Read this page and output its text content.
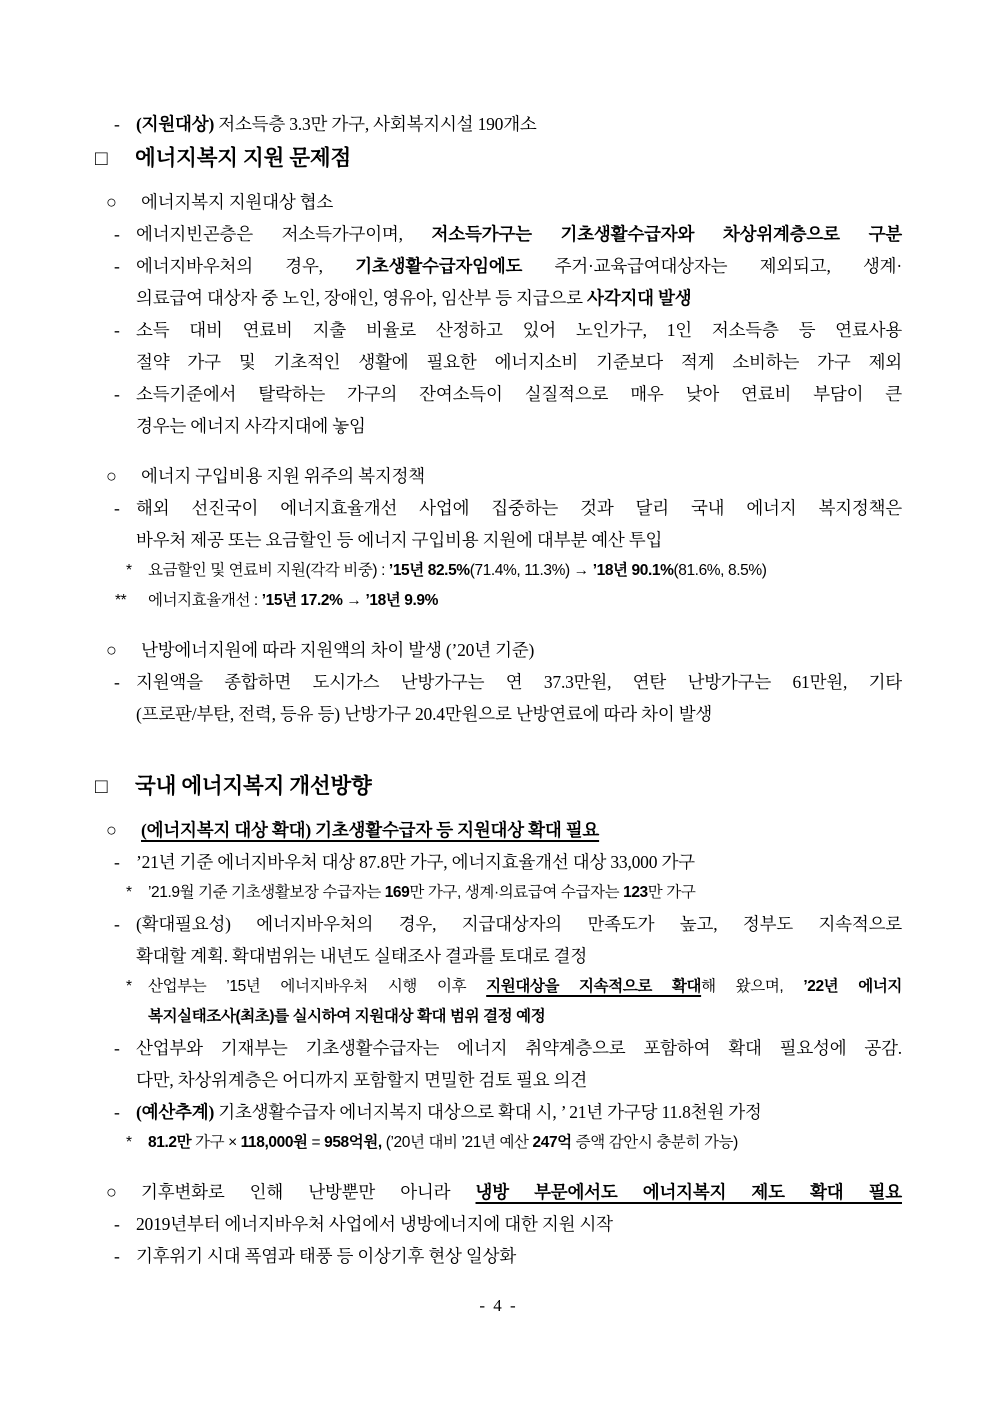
- (지원대상) 저소득층 3.3만 가구, 사회복지시설 190개소
□ 에너지복지 지원 문제점
○ 에너지복지 지원대상 협소
- 에너지빈곤층은 저소득가구이며, 저소득가구는 기초생활수급자와 차상위계층으로 구분
- 에너지바우처의 경우, 기초생활수급자임에도 주거·교육급여대상자는 제외되고, 생계·
의료급여 대상자 중 노인, 장애인, 영유아, 임산부 등 지급으로 사각지대 발생
- 소득 대비 연료비 지출 비율로 산정하고 있어 노인가구, 1인 저소득층 등 연료사용
절약 가구 및 기초적인 생활에 필요한 에너지소비 기준보다 적게 소비하는 가구 제외
- 소득기준에서 탈락하는 가구의 잔여소득이 실질적으로 매우 낮아 연료비 부담이 큰
경우는 에너지 사각지대에 놓임
○ 에너지 구입비용 지원 위주의 복지정책
- 해외 선진국이 에너지효율개선 사업에 집중하는 것과 달리 국내 에너지 복지정책은
바우처 제공 또는 요금할인 등 에너지 구입비용 지원에 대부분 예산 투입
* 요금할인 및 연료비 지원(각각 비중) : ’15년 82.5%(71.4%, 11.3%) → ’18년 90.1%(81.6%, 8.5%)
** 에너지효율개선 : ’15년 17.2% → ’18년 9.9%
○ 난방에너지원에 따라 지원액의 차이 발생 (’20년 기준)
- 지원액을 종합하면 도시가스 난방가구는 연 37.3만원, 연탄 난방가구는 61만원, 기타
(프로판/부탄, 전력, 등유 등) 난방가구 20.4만원으로 난방연료에 따라 차이 발생
□ 국내 에너지복지 개선방향
○ (에너지복지 대상 확대) 기초생활수급자 등 지원대상 확대 필요
- ’21년 기준 에너지바우처 대상 87.8만 가구, 에너지효율개선 대상 33,000 가구
* ’21.9월 기준 기초생활보장 수급자는 169만 가구, 생계·의료급여 수급자는 123만 가구
- (확대필요성) 에너지바우처의 경우, 지급대상자의 만족도가 높고, 정부도 지속적으로
확대할 계획. 확대범위는 내년도 실태조사 결과를 토대로 결정
* 산업부는 ’15년 에너지바우처 시행 이후 지원대상을 지속적으로 확대해 왔으며, ’22년 에너지
복지실태조사(최초)를 실시하여 지원대상 확대 범위 결정 예정
- 산업부와 기재부는 기초생활수급자는 에너지 취약계층으로 포함하여 확대 필요성에 공감.
다만, 차상위계층은 어디까지 포함할지 면밀한 검토 필요 의견
- (예산추계) 기초생활수급자 에너지복지 대상으로 확대 시, ’ 21년 가구당 11.8천원 가정
* 81.2만 가구 × 118,000원 = 958억원, (’20년 대비 ’21년 예산 247억 증액 감안시 충분히 가능)
○ 기후변화로 인해 난방뿐만 아니라 냉방 부문에서도 에너지복지 제도 확대 필요
- 2019년부터 에너지바우처 사업에서 냉방에너지에 대한 지원 시작
- 기후위기 시대 폭염과 태풍 등 이상기후 현상 일상화
- 4 -
